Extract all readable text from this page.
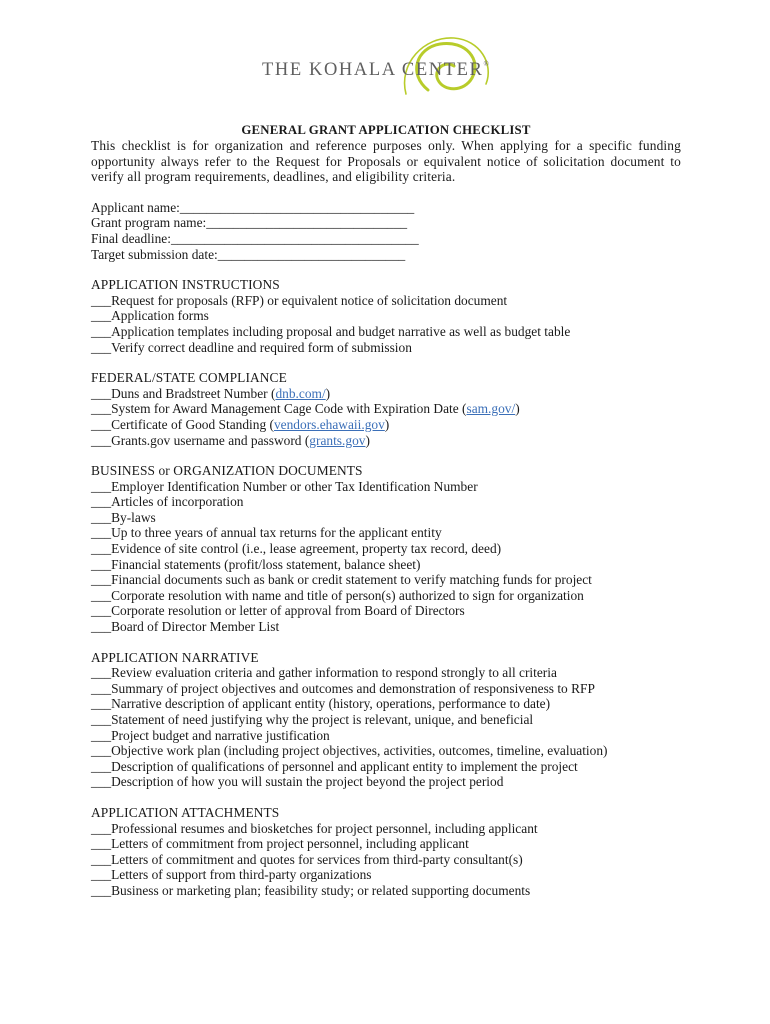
THE KOHALA CENTER®

GENERAL GRANT APPLICATION CHECKLIST

This checklist is for organization and reference purposes only. When applying for a specific funding opportunity always refer to the Request for Proposals or equivalent notice of solicitation document to verify all program requirements, deadlines, and eligibility criteria.

Applicant name:___________________________________

Grant program name:______________________________

Final deadline:_____________________________________

Target submission date:____________________________

APPLICATION INSTRUCTIONS

___Request for proposals (RFP) or equivalent notice of solicitation document

___Application forms

___Application templates including proposal and budget narrative as well as budget table

___Verify correct deadline and required form of submission

FEDERAL/STATE COMPLIANCE

___Duns and Bradstreet Number (dnb.com/)

___System for Award Management Cage Code with Expiration Date (sam.gov/)

___Certificate of Good Standing (vendors.ehawaii.gov)

___Grants.gov username and password (grants.gov)

BUSINESS or ORGANIZATION DOCUMENTS

___Employer Identification Number or other Tax Identification Number

___Articles of incorporation

___By-laws

___Up to three years of annual tax returns for the applicant entity

___Evidence of site control (i.e., lease agreement, property tax record, deed)

___Financial statements (profit/loss statement, balance sheet)

___Financial documents such as bank or credit statement to verify matching funds for project

___Corporate resolution with name and title of person(s) authorized to sign for organization

___Corporate resolution or letter of approval from Board of Directors

___Board of Director Member List

APPLICATION NARRATIVE

___Review evaluation criteria and gather information to respond strongly to all criteria

___Summary of project objectives and outcomes and demonstration of responsiveness to RFP

___Narrative description of applicant entity (history, operations, performance to date)

___Statement of need justifying why the project is relevant, unique, and beneficial

___Project budget and narrative justification

___Objective work plan (including project objectives, activities, outcomes, timeline, evaluation)

___Description of qualifications of personnel and applicant entity to implement the project

___Description of how you will sustain the project beyond the project period

APPLICATION ATTACHMENTS

___Professional resumes and biosketches for project personnel, including applicant

___Letters of commitment from project personnel, including applicant

___Letters of commitment and quotes for services from third-party consultant(s)

___Letters of support from third-party organizations

___Business or marketing plan; feasibility study; or related supporting documents
